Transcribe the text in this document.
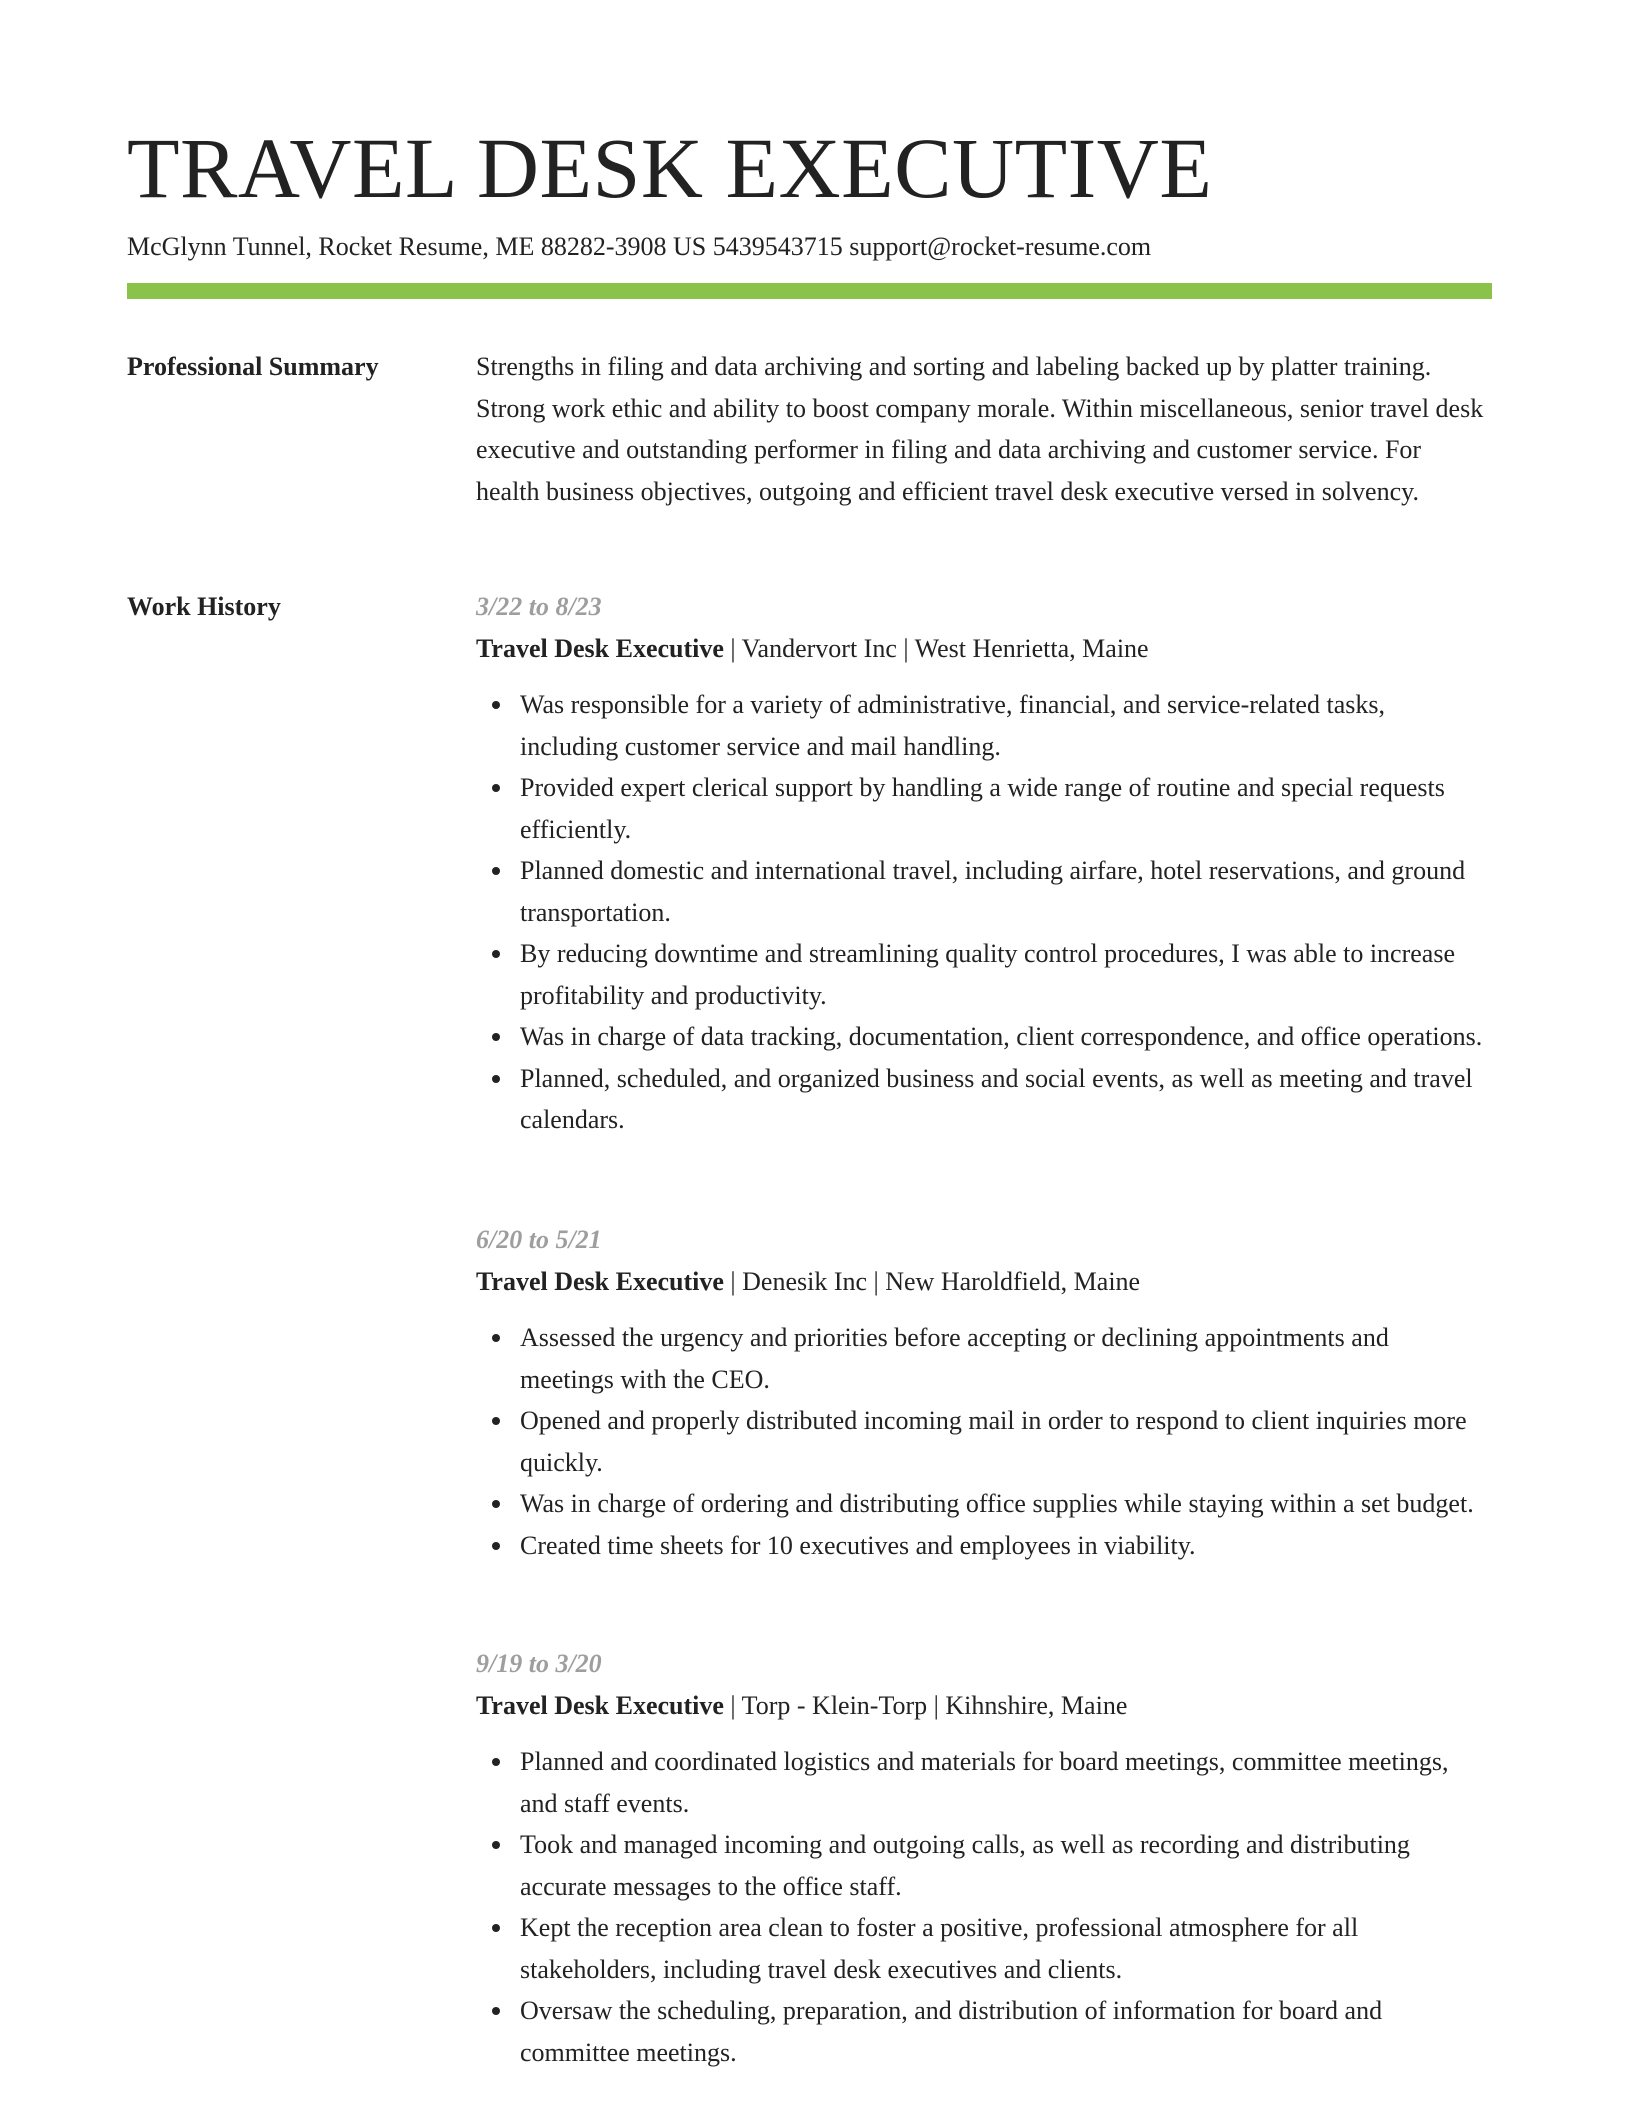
TRAVEL DESK EXECUTIVE
McGlynn Tunnel, Rocket Resume, ME 88282-3908 US 5439543715 support@rocket-resume.com
Professional Summary	Strengths in filing and data archiving and sorting and labeling backed up by platter training. Strong work ethic and ability to boost company morale. Within miscellaneous, senior travel desk executive and outstanding performer in filing and data archiving and customer service. For health business objectives, outgoing and efficient travel desk executive versed in solvency.

Work History	3/22 to 8/23
Travel Desk Executive | Vandervort Inc | West Henrietta, Maine
Was responsible for a variety of administrative, financial, and service-related tasks, including customer service and mail handling.
Provided expert clerical support by handling a wide range of routine and special requests efficiently.
Planned domestic and international travel, including airfare, hotel reservations, and ground transportation.
By reducing downtime and streamlining quality control procedures, I was able to increase profitability and productivity.
Was in charge of data tracking, documentation, client correspondence, and office operations.
Planned, scheduled, and organized business and social events, as well as meeting and travel calendars.
6/20 to 5/21
Travel Desk Executive | Denesik Inc | New Haroldfield, Maine
Assessed the urgency and priorities before accepting or declining appointments and meetings with the CEO.
Opened and properly distributed incoming mail in order to respond to client inquiries more quickly.
Was in charge of ordering and distributing office supplies while staying within a set budget.
Created time sheets for 10 executives and employees in viability.
9/19 to 3/20
Travel Desk Executive | Torp - Klein-Torp | Kihnshire, Maine
Planned and coordinated logistics and materials for board meetings, committee meetings, and staff events.
Took and managed incoming and outgoing calls, as well as recording and distributing accurate messages to the office staff.
Kept the reception area clean to foster a positive, professional atmosphere for all stakeholders, including travel desk executives and clients.
Oversaw the scheduling, preparation, and distribution of information for board and committee meetings.
